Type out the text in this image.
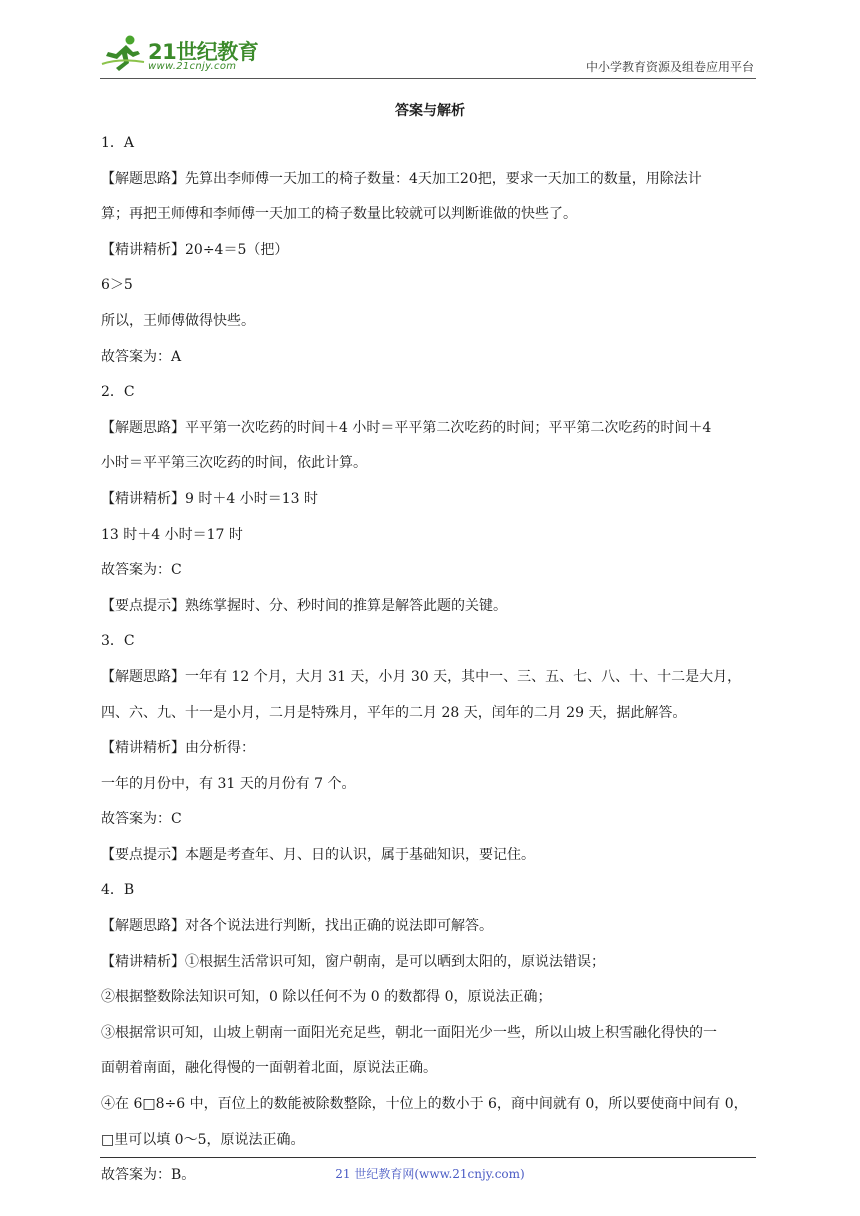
21世纪教育
www.21cnjy.com	中小学教育资源及组卷应用平台
答案与解析
1．A
【解题思路】先算出李师傅一天加工的椅子数量：4天加工20把，要求一天加工的数量，用除法计
算；再把王师傅和李师傅一天加工的椅子数量比较就可以判断谁做的快些了。
【精讲精析】20÷4＝5（把）
6＞5
所以，王师傅做得快些。
故答案为：A
2．C
【解题思路】平平第一次吃药的时间＋4 小时＝平平第二次吃药的时间；平平第二次吃药的时间＋4
小时＝平平第三次吃药的时间，依此计算。
【精讲精析】9 时＋4 小时＝13 时
13 时＋4 小时＝17 时
故答案为：C
【要点提示】熟练掌握时、分、秒时间的推算是解答此题的关键。
3．C
【解题思路】一年有 12 个月，大月 31 天，小月 30 天，其中一、三、五、七、八、十、十二是大月，
四、六、九、十一是小月，二月是特殊月，平年的二月 28 天，闰年的二月 29 天，据此解答。
【精讲精析】由分析得：
一年的月份中，有 31 天的月份有 7 个。
故答案为：C
【要点提示】本题是考查年、月、日的认识，属于基础知识，要记住。
4．B
【解题思路】对各个说法进行判断，找出正确的说法即可解答。
【精讲精析】①根据生活常识可知，窗户朝南，是可以晒到太阳的，原说法错误；
②根据整数除法知识可知，0 除以任何不为 0 的数都得 0，原说法正确；
③根据常识可知，山坡上朝南一面阳光充足些，朝北一面阳光少一些，所以山坡上积雪融化得快的一
面朝着南面，融化得慢的一面朝着北面，原说法正确。
④在 6□8÷6 中，百位上的数能被除数整除，十位上的数小于 6，商中间就有 0，所以要使商中间有 0，
□里可以填 0～5，原说法正确。
故答案为：B。	21 世纪教育网(www.21cnjy.com)
